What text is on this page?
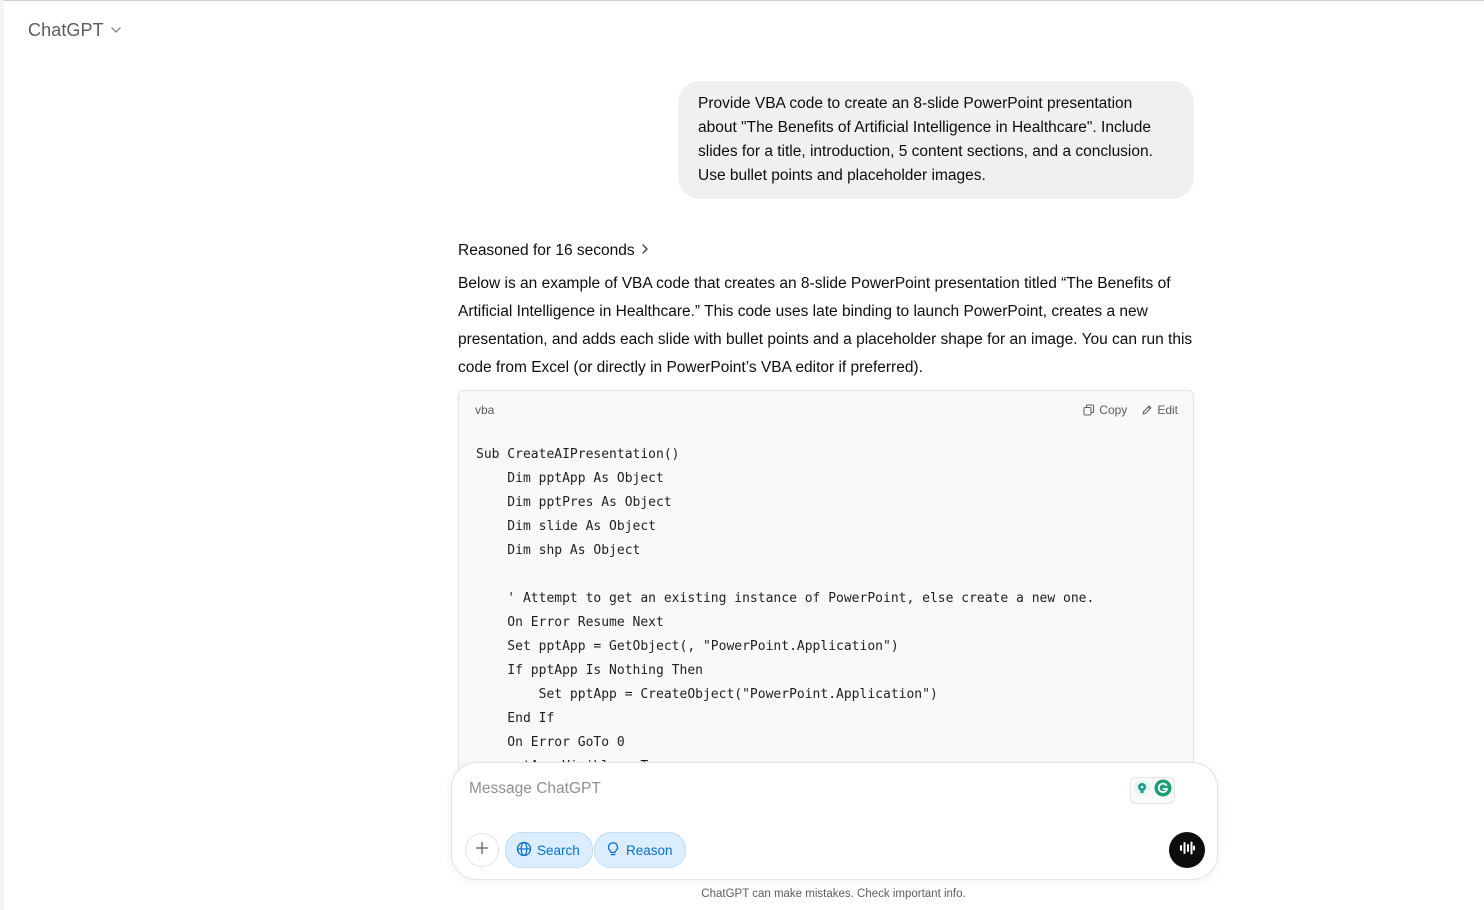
ChatGPT
Provide VBA code to create an 8-slide PowerPoint presentation about "The Benefits of Artificial Intelligence in Healthcare". Include slides for a title, introduction, 5 content sections, and a conclusion. Use bullet points and placeholder images.
Reasoned for 16 seconds
Below is an example of VBA code that creates an 8-slide PowerPoint presentation titled “The Benefits of Artificial Intelligence in Healthcare.” This code uses late binding to launch PowerPoint, creates a new presentation, and adds each slide with bullet points and a placeholder shape for an image. You can run this code from Excel (or directly in PowerPoint’s VBA editor if preferred).
vba	Copy	Edit
Sub CreateAIPresentation()
Dim pptApp As Object
Dim pptPres As Object
Dim slide As Object
Dim shp As Object

' Attempt to get an existing instance of PowerPoint, else create a new one.
On Error Resume Next
Set pptApp = GetObject(, "PowerPoint.Application")
If pptApp Is Nothing Then
Set pptApp = CreateObject("PowerPoint.Application")
End If
On Error GoTo 0

Message ChatGPT
Search	Reason
ChatGPT can make mistakes. Check important info.
